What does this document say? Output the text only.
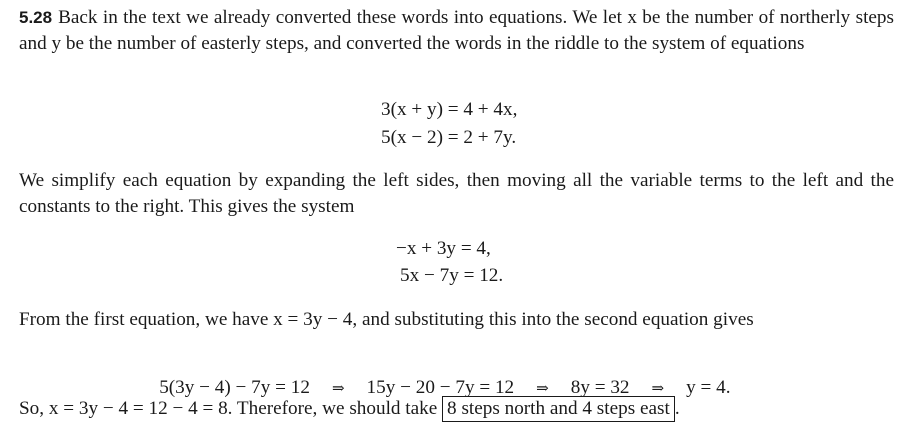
5.28 Back in the text we already converted these words into equations. We let x be the number of northerly steps and y be the number of easterly steps, and converted the words in the riddle to the system of equations
3(x + y) = 4 + 4x,
5(x − 2) = 2 + 7y.
We simplify each equation by expanding the left sides, then moving all the variable terms to the left and the constants to the right. This gives the system
−x + 3y = 4,
5x − 7y = 12.
From the first equation, we have x = 3y − 4, and substituting this into the second equation gives

5(3y − 4) − 7y = 12 ⇒ 15y − 20 − 7y = 12 ⇒ 8y = 32 ⇒ y = 4.

So, x = 3y − 4 = 12 − 4 = 8. Therefore, we should take 8 steps north and 4 steps east .
